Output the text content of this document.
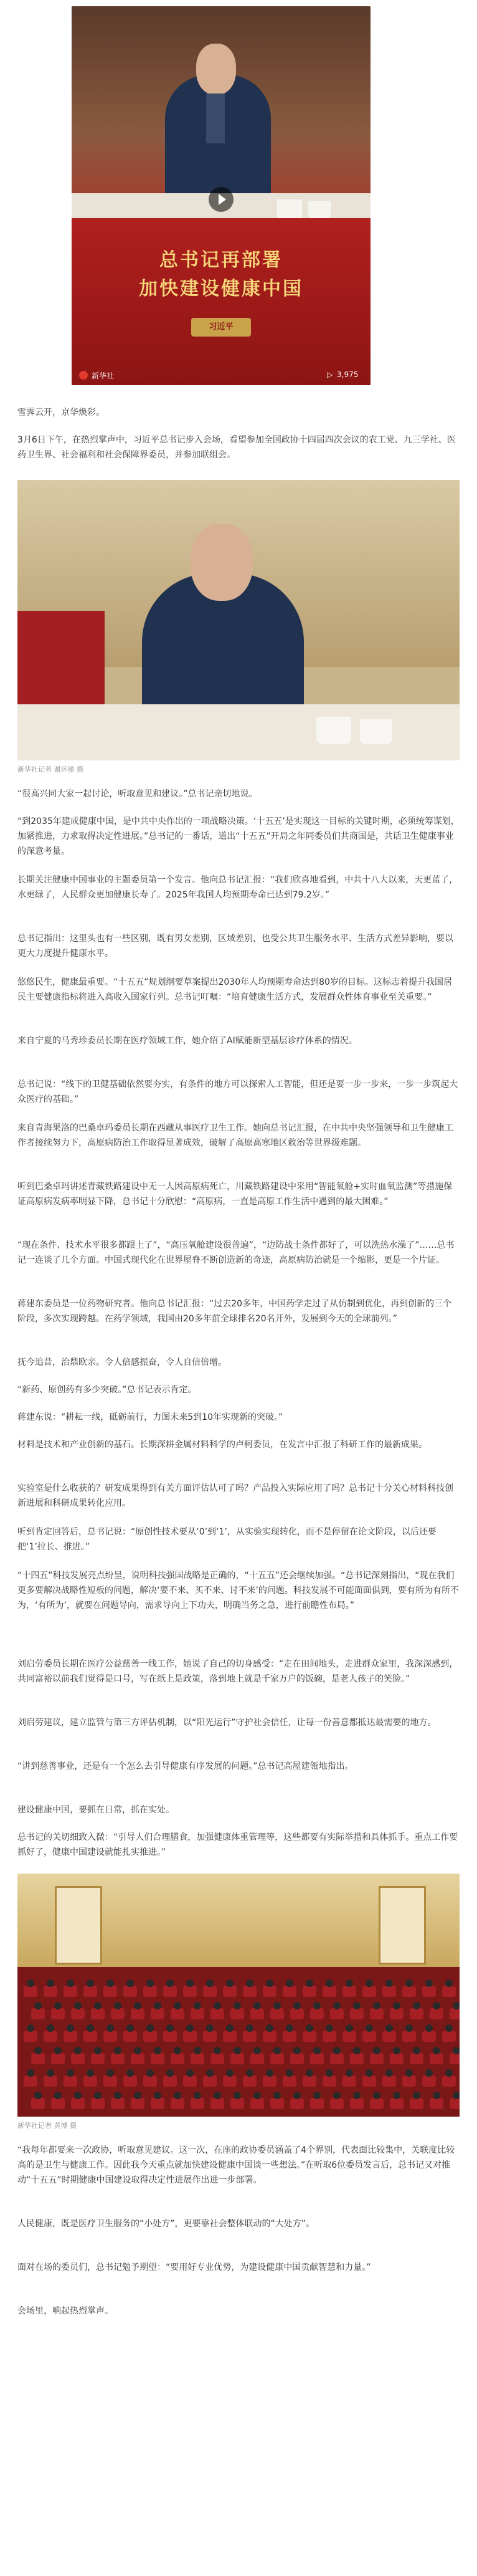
总书记再部署
加快建设健康中国
习近平
新华社	▷ 3,975

雪霁云开，京华焕彩。

3月6日下午，在热烈掌声中，习近平总书记步入会场，看望参加全国政协十四届四次会议的农工党、九三学社、医药卫生界、社会福利和社会保障界委员，并参加联组会。

新华社记者 谢环驰 摄

“很高兴同大家一起讨论，听取意见和建议。”总书记亲切地说。

“到2035年建成健康中国，是中共中央作出的一项战略决策。‘十五五’是实现这一目标的关键时期，必须统筹谋划，加紧推进，力求取得决定性进展。”总书记的一番话，道出“十五五”开局之年同委员们共商国是，共话卫生健康事业的深意考量。

长期关注健康中国事业的主题委员第一个发言。他向总书记汇报：“我们欣喜地看到，中共十八大以来，天更蓝了，水更绿了，人民群众更加健康长寿了。2025年我国人均预期寿命已达到79.2岁。”

总书记指出：这里头也有一些区别，既有男女差别，区域差别，也受公共卫生服务水平、生活方式差异影响，要以更大力度提升健康水平。

悠悠民生，健康最重要。“十五五”规划纲要草案提出2030年人均预期寿命达到80岁的目标。这标志着提升我国居民主要健康指标将进入高收入国家行列。总书记叮嘱：“培育健康生活方式，发展群众性体育事业至关重要。”

来自宁夏的马秀珍委员长期在医疗领域工作，她介绍了AI赋能新型基层诊疗体系的情况。

总书记说：“线下的卫健基础依然要夯实，有条件的地方可以探索人工智能，但还是要一步一步来，一步一步筑起大众医疗的基础。”

来自青海果洛的巴桑卓玛委员长期在西藏从事医疗卫生工作。她向总书记汇报，在中共中央坚强领导和卫生健康工作者接续努力下，高原病防治工作取得显著成效，破解了高原高寒地区救治等世界级难题。

听到巴桑卓玛讲述青藏铁路建设中无一人因高原病死亡，川藏铁路建设中采用“智能氧舱+实时血氧监测”等措施保证高原病发病率明显下降，总书记十分欣慰：“高原病，一直是高原工作生活中遇到的最大困难。”

“现在条件、技术水平很多都跟上了”，“高压氧舱建设很普遍”，“边防战士条件都好了，可以洗热水澡了”……总书记一连谈了几个方面。中国式现代化在世界屋脊不断创造新的奇迹，高原病防治就是一个缩影，更是一个片证。

蒋建东委员是一位药物研究者。他向总书记汇报：“过去20多年，中国药学走过了从仿制到优化，再到创新的三个阶段，多次实现跨越。在药学领域，我国由20多年前全球排名20名开外，发展到今天的全球前列。”

抚今追昔，治鼎欧亲。令人倍感振奋，令人自信倍增。

“新药、原创药有多少突破。”总书记表示肯定。

蒋建东说：“耕耘一线，砥砺前行，力图未来5到10年实现新的突破。”

材料是技术和产业创新的基石。长期深耕金属材料科学的卢柯委员，在发言中汇报了科研工作的最新成果。

实验室是什么收获的？研发成果得到有关方面评估认可了吗？产品投入实际应用了吗？总书记十分关心材料科技创新进展和科研成果转化应用。

听到肯定回答后，总书记说：“原创性技术要从‘0’到‘1’，从实验实现转化，而不是停留在论文阶段，以后还要把‘1’拉长、推进。”

“十四五”科技发展亮点纷呈，说明科技强国战略是正确的，“十五五”还会继续加强。“总书记深刻指出，“现在我们更多要解决战略性短板的问题，解决‘要不来、买不来、讨不来’的问题。科技发展不可能面面俱到，要有所为有所不为，‘有所为’，就要在问题导向，需求导向上下功夫，明确当务之急，进行前瞻性布局。”

刘启劳委员长期在医疗公益慈善一线工作，她说了自己的切身感受：“走在田间地头，走进群众家里，我深深感到，共同富裕以前我们觉得是口号，写在纸上是政策，落到地上就是千家万户的饭碗，是老人孩子的笑脸。”

刘启劳建议，建立监管与第三方评估机制，以“阳光运行”守护社会信任，让每一份善意都抵达最需要的地方。

“讲到慈善事业，还是有一个怎么去引导健康有序发展的问题。”总书记高屋建瓴地指出。

建设健康中国，要抓在日常，抓在实处。

总书记的关切细致入微：“引导人们合理膳食，加强健康体重管理等，这些都要有实际举措和具体抓手。重点工作要抓好了，健康中国建设就能扎实推进。”

新华社记者 黄博 摄

“我每年都要来一次政协，听取意见建议。这一次，在座的政协委员涵盖了4个界别，代表面比较集中，关联度比较高的是卫生与健康工作。因此我今天重点就加快建设健康中国谈一些想法。”在听取6位委员发言后，总书记又对推动“十五五”时期健康中国建设取得决定性进展作出进一步部署。

人民健康，既是医疗卫生服务的“小处方”，更要靠社会整体联动的“大处方”。

面对在场的委员们，总书记勉予期望：“要用好专业优势，为建设健康中国贡献智慧和力量。”

会场里，响起热烈掌声。
